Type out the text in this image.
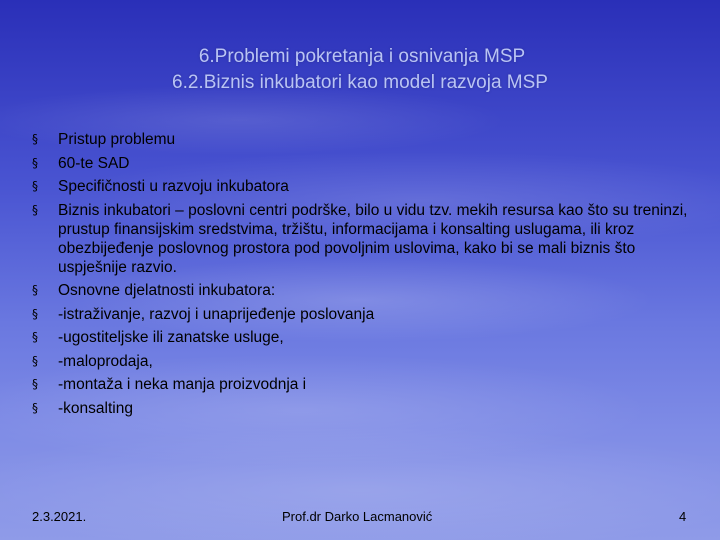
6.Problemi pokretanja i osnivanja MSP
6.2.Biznis inkubatori kao model razvoja MSP
§	Pristup problemu
§	60-te SAD
§	Specifičnosti u razvoju inkubatora
§	Biznis inkubatori – poslovni centri podrške, bilo u vidu tzv. mekih resursa kao što su treninzi, prustup finansijskim sredstvima, tržištu, informacijama i konsalting uslugama, ili kroz obezbijeđenje poslovnog prostora pod povoljnim uslovima, kako bi se mali biznis što uspješnije razvio.
§	Osnovne djelatnosti inkubatora:
§	-istraživanje, razvoj i unaprijeđenje poslovanja
§	-ugostiteljske ili zanatske usluge,
§	-maloprodaja,
§	-montaža i neka manja proizvodnja i
§	-konsalting
2.3.2021.	Prof.dr Darko Lacmanović	4
